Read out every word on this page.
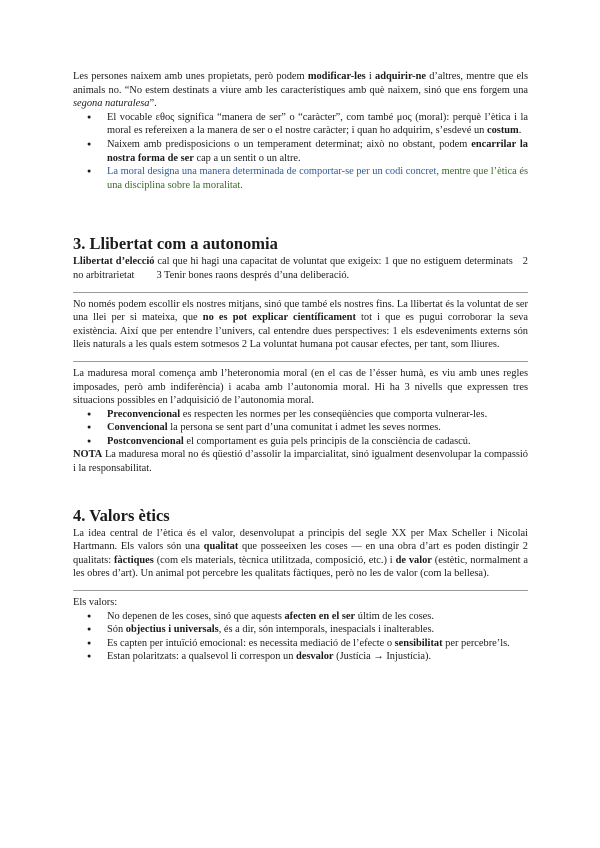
Les persones naixem amb unes propietats, però podem modificar-les i adquirir-ne d’altres, mentre que els animals no. “No estem destinats a viure amb les característiques amb què naixem, sinó que ens forgem una segona naturalesa”.

● El vocable εθος significa “manera de ser” o “caràcter”, com també μος (moral): perquè l’ètica i la moral es refereixen a la manera de ser o el nostre caràcter; i quan ho adquirim, s’esdevé un costum.
● Naixem amb predisposicions o un temperament determinat; això no obstant, podem encarrilar la nostra forma de ser cap a un sentit o un altre.
● La moral designa una manera determinada de comportar-se per un codi concret, mentre que l’ètica és una disciplina sobre la moralitat.
3. Llibertat com a autonomia

Llibertat d’elecció cal que hi hagi una capacitat de voluntat que exigeix: 1 que no estiguem determinats 2 no arbitrarietat 3 Tenir bones raons després d’una deliberació.

No només podem escollir els nostres mitjans, sinó que també els nostres fins. La llibertat és la voluntat de ser una llei per si mateixa, que no es pot explicar científicament tot i que es pugui corroborar la seva existència. Així que per entendre l’univers, cal entendre dues perspectives: 1 els esdeveniments externs són lleis naturals a les quals estem sotmesos 2 La voluntat humana pot causar efectes, per tant, som lliures.

La maduresa moral comença amb l’heteronomia moral (en el cas de l’ésser humà, es viu amb unes regles imposades, però amb indiferència) i acaba amb l’autonomia moral. Hi ha 3 nivells que expressen tres situacions possibles en l’adquisició de l’autonomia moral.

● Preconvencional es respecten les normes per les conseqüències que comporta vulnerar-les.
● Convencional la persona se sent part d’una comunitat i admet les seves normes.
● Postconvencional el comportament es guia pels principis de la consciència de cadascú.

NOTA La maduresa moral no és qüestió d’assolir la imparcialitat, sinó igualment desenvolupar la compassió i la responsabilitat.

4. Valors ètics

La idea central de l’ètica és el valor, desenvolupat a principis del segle XX per Max Scheller i Nicolai Hartmann. Els valors són una qualitat que posseeixen les coses — en una obra d’art es poden distingir 2 qualitats: fàctiques (com els materials, tècnica utilitzada, composició, etc.) i de valor (estètic, normalment a les obres d’art). Un animal pot percebre les qualitats fàctiques, però no les de valor (com la bellesa).

Els valors:

● No depenen de les coses, sinó que aquests afecten en el ser últim de les coses.
● Són objectius i universals, és a dir, són intemporals, inespacials i inalterables.
● Es capten per intuïció emocional: es necessita mediació de l’efecte o sensibilitat per percebre’ls.
● Estan polaritzats: a qualsevol li correspon un desvalor (Justícia → Injustícia).
